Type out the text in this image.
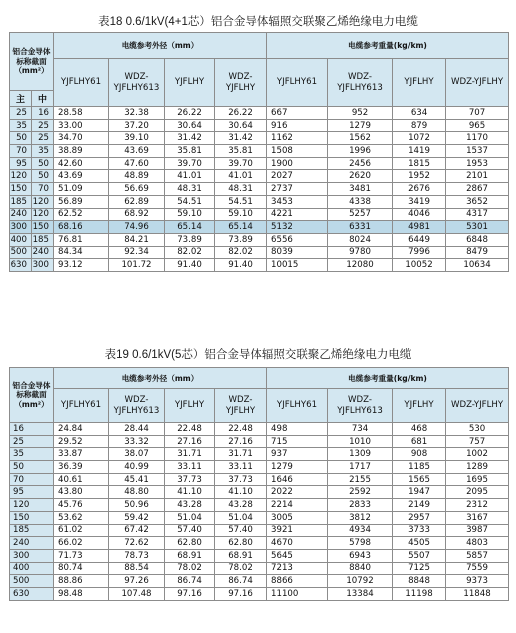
表18 0.6/1kV(4+1芯）铝合金导体辐照交联聚乙烯绝缘电力电缆
铝合金导体
标称截面
（mm²）		电缆参考外径（mm）				电缆参考重量(kg/km)			
		YJFLHY61	WDZ-YJFLHY613	YJFLHY	WDZ-YJFLHY	YJFLHY61	WDZ-YJFLHY613	YJFLHY	WDZ-YJFLHY
主	中								
25	16	28.58	32.38	26.22	26.22	667	952	634	707
35	25	33.00	37.20	30.64	30.64	916	1279	879	965
50	25	34.70	39.10	31.42	31.42	1162	1562	1072	1170
70	35	38.89	43.69	35.81	35.81	1508	1996	1419	1537
95	50	42.60	47.60	39.70	39.70	1900	2456	1815	1953
120	50	43.69	48.89	41.01	41.01	2027	2620	1952	2101
150	70	51.09	56.69	48.31	48.31	2737	3481	2676	2867
185	120	56.89	62.89	54.51	54.51	3453	4338	3419	3652
240	120	62.52	68.92	59.10	59.10	4221	5257	4046	4317
300	150	68.16	74.96	65.14	65.14	5132	6331	4981	5301
400	185	76.81	84.21	73.89	73.89	6556	8024	6449	6848
500	240	84.34	92.34	82.02	82.02	8039	9780	7996	8479
630	300	93.12	101.72	91.40	91.40	10015	12080	10052	10634
表19 0.6/1kV(5芯）铝合金导体辐照交联聚乙烯绝缘电力电缆
铝合金导体
标称截面
（mm²）	电缆参考外径（mm）				电缆参考重量(kg/km)			
	YJFLHY61	WDZ-YJFLHY613	YJFLHY	WDZ-YJFLHY	YJFLHY61	WDZ-YJFLHY613	YJFLHY	WDZ-YJFLHY
16	24.84	28.44	22.48	22.48	498	734	468	530
25	29.52	33.32	27.16	27.16	715	1010	681	757
35	33.87	38.07	31.71	31.71	937	1309	908	1002
50	36.39	40.99	33.11	33.11	1279	1717	1185	1289
70	40.61	45.41	37.73	37.73	1646	2155	1565	1695
95	43.80	48.80	41.10	41.10	2022	2592	1947	2095
120	45.76	50.96	43.28	43.28	2214	2833	2149	2312
150	53.62	59.42	51.04	51.04	3005	3812	2957	3167
185	61.02	67.42	57.40	57.40	3921	4934	3733	3987
240	66.02	72.62	62.80	62.80	4670	5798	4505	4803
300	71.73	78.73	68.91	68.91	5645	6943	5507	5857
400	80.74	88.54	78.02	78.02	7213	8840	7125	7559
500	88.86	97.26	86.74	86.74	8866	10792	8848	9373
630	98.48	107.48	97.16	97.16	11100	13384	11198	11848
